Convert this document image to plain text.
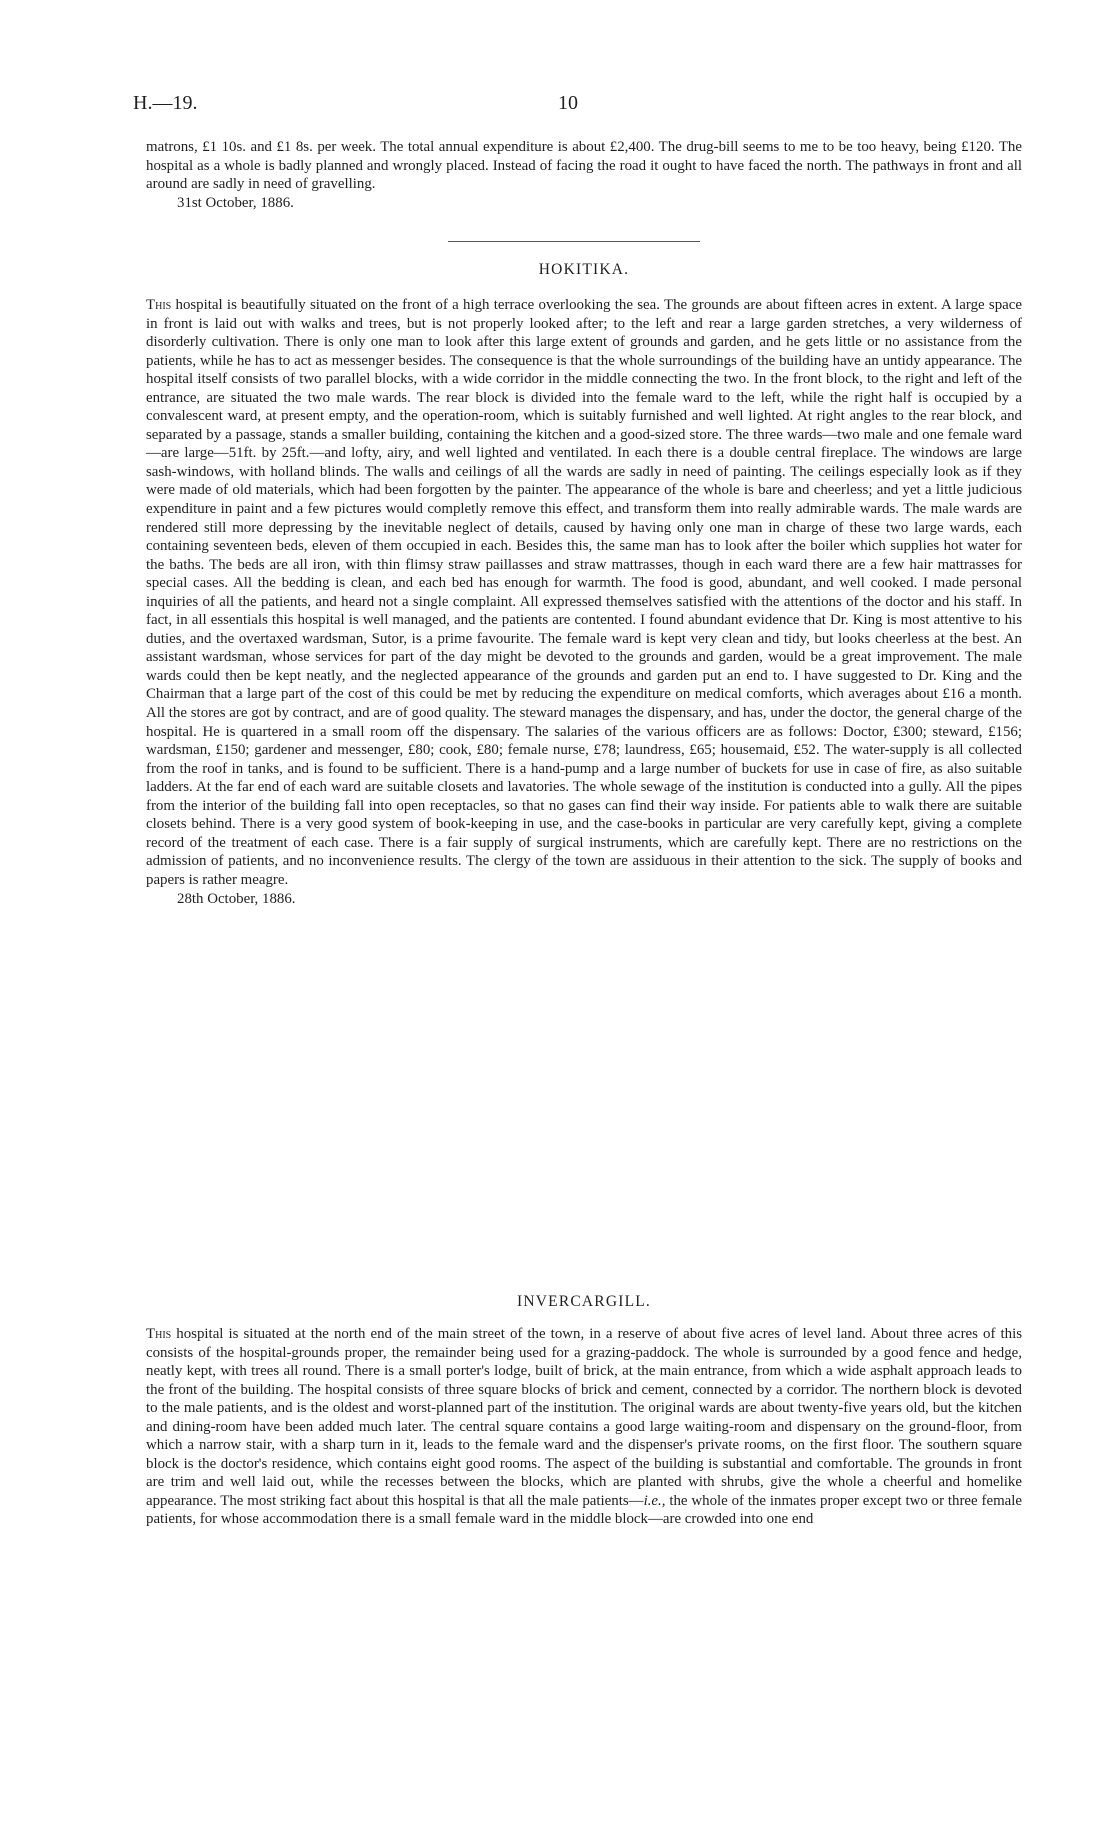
H.—19.	10

matrons, £1 10s. and £1 8s. per week. The total annual expenditure is about £2,400. The drug-bill seems to me to be too heavy, being £120. The hospital as a whole is badly planned and wrongly placed. Instead of facing the road it ought to have faced the north. The pathways in front and all around are sadly in need of gravelling.

31st October, 1886.

HOKITIKA.

This hospital is beautifully situated on the front of a high terrace overlooking the sea. The grounds are about fifteen acres in extent. A large space in front is laid out with walks and trees, but is not properly looked after; to the left and rear a large garden stretches, a very wilderness of disorderly cultivation. There is only one man to look after this large extent of grounds and garden, and he gets little or no assistance from the patients, while he has to act as messenger besides. The consequence is that the whole surroundings of the building have an untidy appearance. The hospital itself consists of two parallel blocks, with a wide corridor in the middle connecting the two. In the front block, to the right and left of the entrance, are situated the two male wards. The rear block is divided into the female ward to the left, while the right half is occupied by a convalescent ward, at present empty, and the operation-room, which is suitably furnished and well lighted. At right angles to the rear block, and separated by a passage, stands a smaller building, containing the kitchen and a good-sized store. The three wards—two male and one female ward—are large—51ft. by 25ft.—and lofty, airy, and well lighted and ventilated. In each there is a double central fireplace. The windows are large sash-windows, with holland blinds. The walls and ceilings of all the wards are sadly in need of painting. The ceilings especially look as if they were made of old materials, which had been forgotten by the painter. The appearance of the whole is bare and cheerless; and yet a little judicious expenditure in paint and a few pictures would completly remove this effect, and transform them into really admirable wards. The male wards are rendered still more depressing by the inevitable neglect of details, caused by having only one man in charge of these two large wards, each containing seventeen beds, eleven of them occupied in each. Besides this, the same man has to look after the boiler which supplies hot water for the baths. The beds are all iron, with thin flimsy straw paillasses and straw mattrasses, though in each ward there are a few hair mattrasses for special cases. All the bedding is clean, and each bed has enough for warmth. The food is good, abundant, and well cooked. I made personal inquiries of all the patients, and heard not a single complaint. All expressed themselves satisfied with the attentions of the doctor and his staff. In fact, in all essentials this hospital is well managed, and the patients are contented. I found abundant evidence that Dr. King is most attentive to his duties, and the overtaxed wardsman, Sutor, is a prime favourite. The female ward is kept very clean and tidy, but looks cheerless at the best. An assistant wardsman, whose services for part of the day might be devoted to the grounds and garden, would be a great improvement. The male wards could then be kept neatly, and the neglected appearance of the grounds and garden put an end to. I have suggested to Dr. King and the Chairman that a large part of the cost of this could be met by reducing the expenditure on medical comforts, which averages about £16 a month. All the stores are got by contract, and are of good quality. The steward manages the dispensary, and has, under the doctor, the general charge of the hospital. He is quartered in a small room off the dispensary. The salaries of the various officers are as follows: Doctor, £300; steward, £156; wardsman, £150; gardener and messenger, £80; cook, £80; female nurse, £78; laundress, £65; housemaid, £52. The water-supply is all collected from the roof in tanks, and is found to be sufficient. There is a hand-pump and a large number of buckets for use in case of fire, as also suitable ladders. At the far end of each ward are suitable closets and lavatories. The whole sewage of the institution is conducted into a gully. All the pipes from the interior of the building fall into open receptacles, so that no gases can find their way inside. For patients able to walk there are suitable closets behind. There is a very good system of book-keeping in use, and the case-books in particular are very carefully kept, giving a complete record of the treatment of each case. There is a fair supply of surgical instruments, which are carefully kept. There are no restrictions on the admission of patients, and no inconvenience results. The clergy of the town are assiduous in their attention to the sick. The supply of books and papers is rather meagre.

28th October, 1886.

INVERCARGILL.

This hospital is situated at the north end of the main street of the town, in a reserve of about five acres of level land. About three acres of this consists of the hospital-grounds proper, the remainder being used for a grazing-paddock. The whole is surrounded by a good fence and hedge, neatly kept, with trees all round. There is a small porter's lodge, built of brick, at the main entrance, from which a wide asphalt approach leads to the front of the building. The hospital consists of three square blocks of brick and cement, connected by a corridor. The northern block is devoted to the male patients, and is the oldest and worst-planned part of the institution. The original wards are about twenty-five years old, but the kitchen and dining-room have been added much later. The central square contains a good large waiting-room and dispensary on the ground-floor, from which a narrow stair, with a sharp turn in it, leads to the female ward and the dispenser's private rooms, on the first floor. The southern square block is the doctor's residence, which contains eight good rooms. The aspect of the building is substantial and comfortable. The grounds in front are trim and well laid out, while the recesses between the blocks, which are planted with shrubs, give the whole a cheerful and homelike appearance. The most striking fact about this hospital is that all the male patients—i.e., the whole of the inmates proper except two or three female patients, for whose accommodation there is a small female ward in the middle block—are crowded into one end
